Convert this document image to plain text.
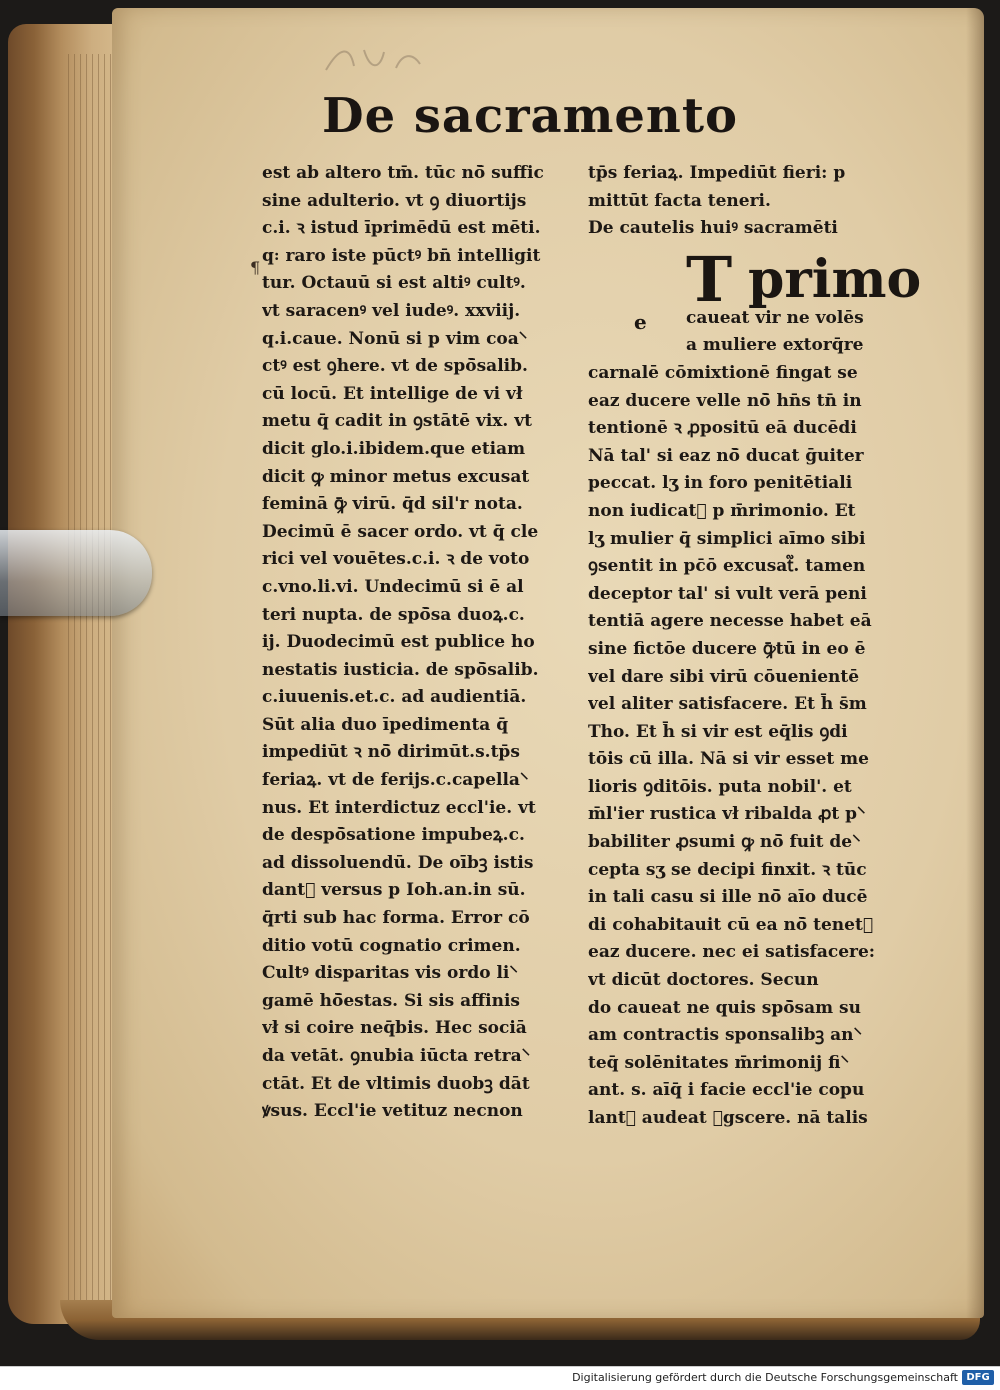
De sacramento
¶
est ab altero tm̄. tūc nō̄ suffic
sine adulterio. vt ꝯ diuortijs
c.i. ꝛ istud īprimēdū est mēti.
q꞉ raro iste pūctꝰ bn̄ intelligit
tur. Octauū si est altiꝰ cultꝰ.
vt saracenꝰ vel iudeꝰ. xxviij.
q.i.caue. Nonū si p vim coa⸌
ctꝰ est ꝯhere. vt de spō̄salib.
cū locū. Et intellige de vi vł
metu q̄ cadit in ꝯstātē vix. vt
dicit glo.i.ibidem.que etiam
dicit ꝙ minor metus excusat
feminā ꝙ̄ virū. q̄d sil'r nota.
Decimū ē sacer ordo. vt q̄ cle
rici vel vouētes.c.i. ꝛ de voto
c.vno.li.vi. Undecimū si ē al
teri nupta. de spō̄sa duoꝝ.c.
ij. Duodecimū est publice ho
nestatis iusticia. de spō̄salib.
c.iuuenis.et.c. ad audientiā.
Sūt alia duo īpedimenta q̄
impediūt ꝛ nō̄ dirimūt.s.tp̄s
feriaꝝ. vt de ferijs.c.capella⸌
nus. Et interdictuz eccl'ie. vt
de despō̄satione impubeꝝ.c.
ad dissoluendū. De oībꝫ istis
dant᷑ versus p Ioh.an.in sū.
q̄rti sub hac forma. Error cō
ditio votū cognatio crimen.
Cultꝰ disparitas vis ordo li⸌
gamē hō̄estas. Si sis affinis
vł si coire neq̄bis. Hec sociā
da vetāt. ꝯnubia iūcta retra⸌
ctāt. Et de vltimis duobꝫ dāt
ꝟsus. Eccl'ie vetituz necnon
tp̄s feriaꝝ. Impediūt fieri: p
mittūt facta teneri.
De cautelis huiꝰ sacramēti
caueat vir ne volēs
a muliere extorq̄re
carnalē cōmixtionē fingat se
eaz ducere velle nō̄ hn̄s tn̄ in
tentionē ꝛ ꝓpositū eā ducēdi
Nā tal' si eaz nō̄ ducat ḡuiter
peccat. lʒ in foro penitētiali
non iudicat᷑ p m̄rimonio. Et
lʒ mulier q̄ simplici aīmo sibi
ꝯsentit in pc̄ō excusat᷑. tamen
deceptor tal' si vult verā peni
tentiā agere necesse habet eā
sine fictōe ducere ꝙ̄tū in eo ē
vel dare sibi virū cōuenientē
vel aliter satisfacere. Et h̄ s̄m
Tho. Et h̄ si vir est eq̄lis ꝯdi
tōis cū illa. Nā si vir esset me
lioris ꝯditōis. puta nobil'. et
m̄l'ier rustica vł ribalda ꝓt p⸌
babiliter ꝓsumi ꝙ nō̄ fuit de⸌
cepta sʒ se decipi finxit. ꝛ tūc
in tali casu si ille nō̄ aīo ducē
di cohabitauit cū ea nō̄ tenet᷑
eaz ducere. nec ei satisfacere:
vt dicūt doctores. Secun
do caueat ne quis spō̄sam su
am contractis sponsalibꝫ an⸌
teq̄ solēnitates m̄rimonij fi⸌
ant. s. aīq̄ i facie eccl'ie copu
lant᷑ audeat ꝯgscere. nā talis
T primo
e
Digitalisierung gefördert durch die Deutsche Forschungsgemeinschaft DFG
